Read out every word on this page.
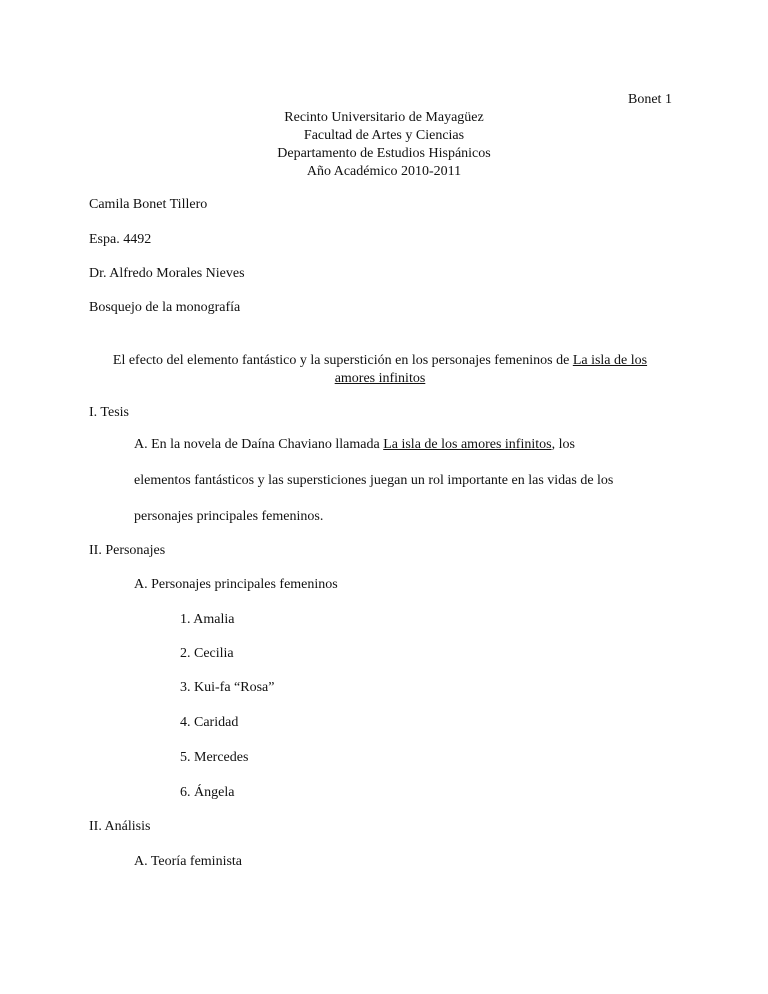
Bonet 1
Recinto Universitario de Mayagüez
Facultad de Artes y Ciencias
Departamento de Estudios Hispánicos
Año Académico 2010-2011
Camila Bonet Tillero
Espa. 4492
Dr. Alfredo Morales Nieves
Bosquejo de la monografía
El efecto del elemento fantástico y la superstición en los personajes femeninos de La isla de los
amores infinitos
I. Tesis
A. En la novela de Daína Chaviano llamada La isla de los amores infinitos, los
elementos fantásticos y las supersticiones juegan un rol importante en las vidas de los
personajes principales femeninos.
II. Personajes
A. Personajes principales femeninos
1. Amalia
2. Cecilia
3. Kui-fa “Rosa”
4. Caridad
5. Mercedes
6. Ángela
II. Análisis
A. Teoría feminista
